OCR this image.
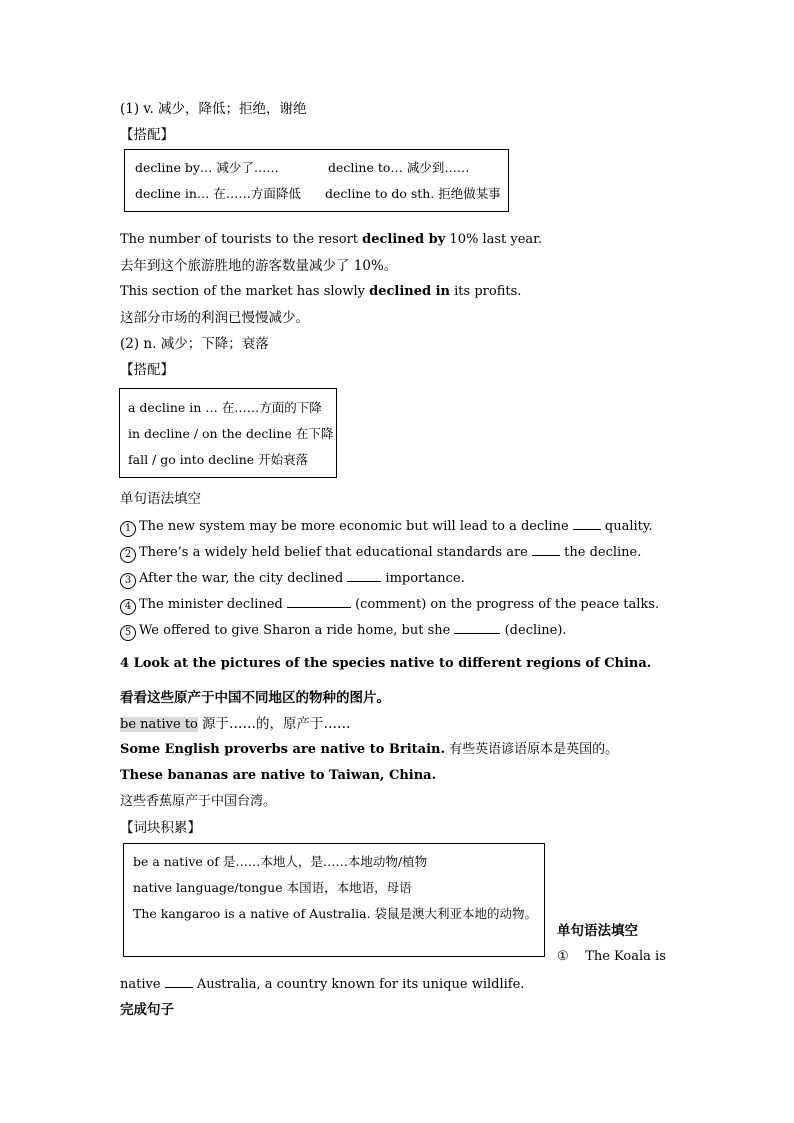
(1) v. 减少，降低；拒绝，谢绝
【搭配】
decline by… 减少了……	decline to… 减少到……
decline in… 在……方面降低 decline to do sth. 拒绝做某事
The number of tourists to the resort declined by 10% last year.
去年到这个旅游胜地的游客数量减少了 10%。
This section of the market has slowly declined in its profits.
这部分市场的利润已慢慢减少。
(2) n. 减少；下降；衰落
【搭配】
a decline in … 在……方面的下降
in decline / on the decline 在下降
fall / go into decline 开始衰落
单句语法填空
1 The new system may be more economic but will lead to a decline  quality.
2 There’s a widely held belief that educational standards are  the decline.
3 After the war, the city declined	importance.
4 The minister declined	(comment) on the progress of the peace talks.
5 We offered to give Sharon a ride home, but she	(decline).
4 Look at the pictures of the species native to different regions of China.
看看这些原产于中国不同地区的物种的图片。
be native to 源于……的，原产于……
Some English proverbs are native to Britain. 有些英语谚语原本是英国的。
These bananas are native to Taiwan, China.
这些香蕉原产于中国台湾。
【词块积累】
be a native of 是……本地人，是……本地动物/植物
native language/tongue 本国语，本地语，母语
The kangaroo is a native of Australia. 袋鼠是澳大利亚本地的动物。
单句语法填空
① The Koala is
native  Australia, a country known for its unique wildlife.
完成句子
